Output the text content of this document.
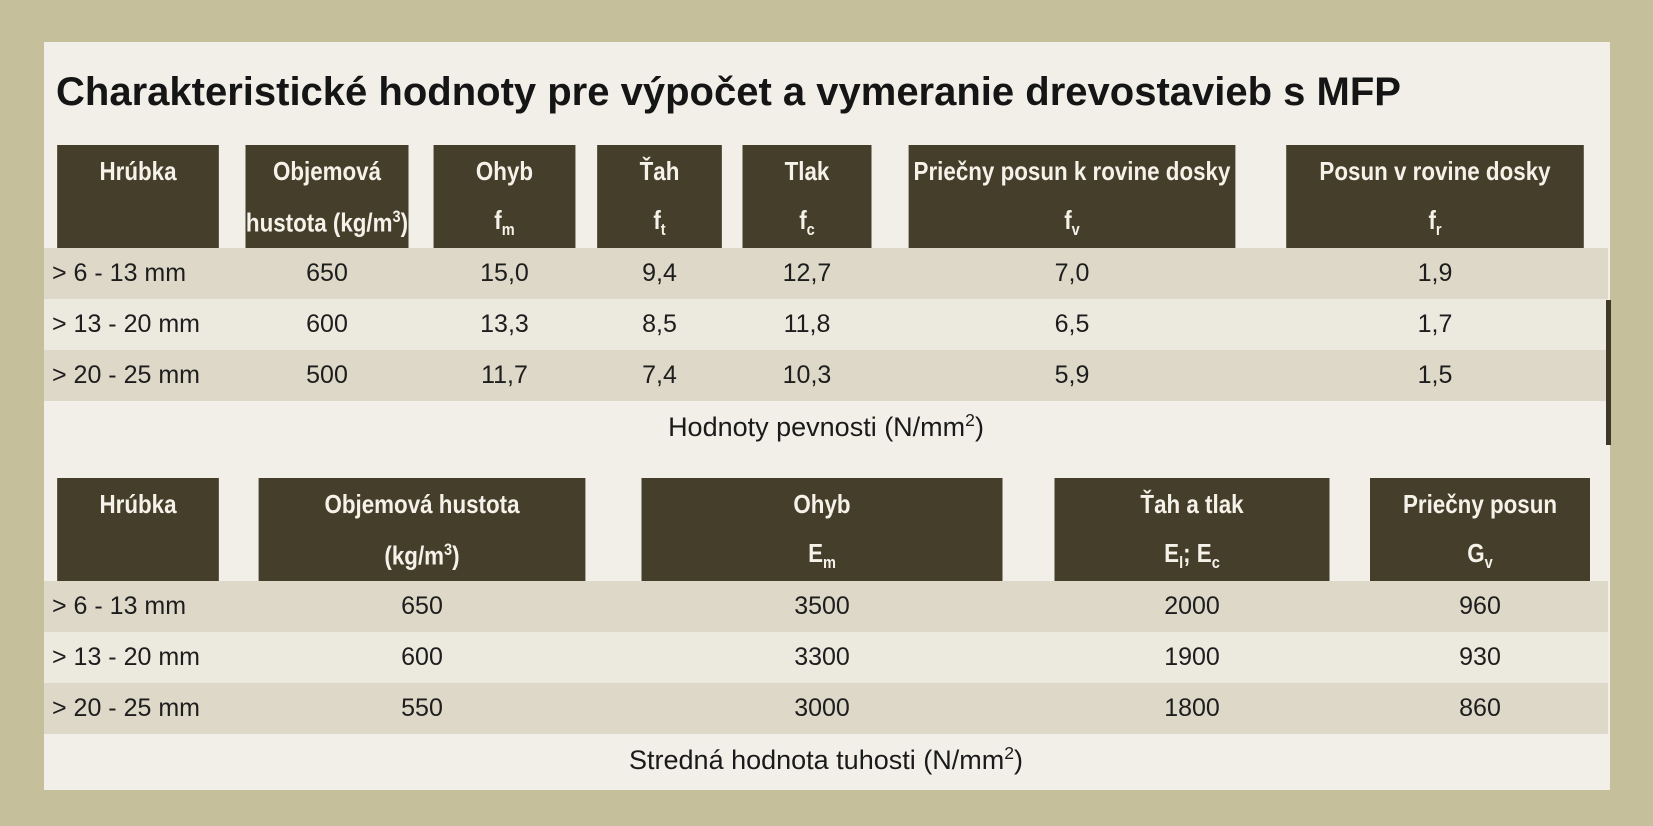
Charakteristické hodnoty pre výpočet a vymeranie drevostavieb s MFP
Hrúbka	Objemová	Ohyb	Ťah	Tlak	Priečny posun k rovine dosky	Posun v rovine dosky
	hustota $(kg/m^3)$	$f_m$	$f_t$	$f_c$	$f_v$	$f_r$
> 6 - 13 mm	650	15,0	9,4	12,7	7,0	1,9
> 13 - 20 mm	600	13,3	8,5	11,8	6,5	1,7
> 20 - 25 mm	500	11,7	7,4	10,3	5,9	1,5
Hodnoty pevnosti $(N/mm^2)$						
Hrúbka	Objemová hustota	Ohyb	Ťah a tlak	Priečny posun
	$(kg/m^3)$	$E_m$	$E_l$; $E_c$	$G_v$
> 6 - 13 mm	650	3500	2000	960
> 13 - 20 mm	600	3300	1900	930
> 20 - 25 mm	550	3000	1800	860
Stredná hodnota tuhosti $(N/mm^2)$				
